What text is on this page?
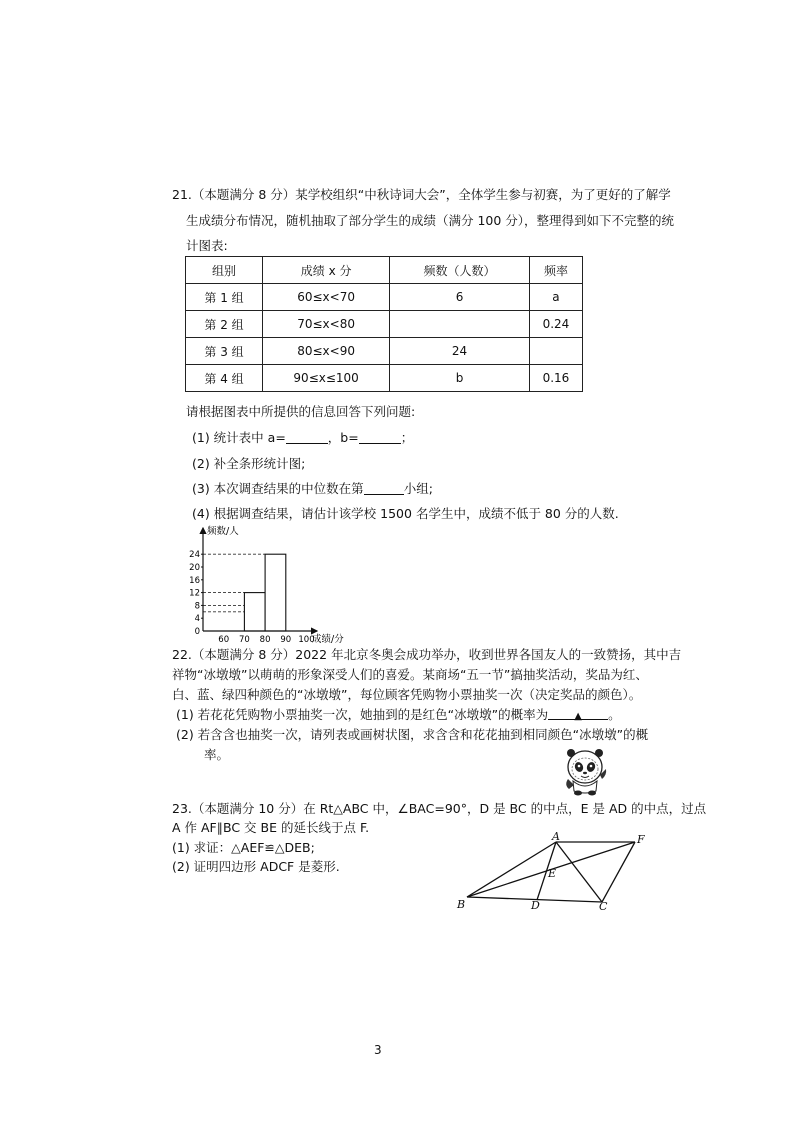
21.（本题满分 8 分）某学校组织“中秋诗词大会”，全体学生参与初赛，为了更好的了解学
生成绩分布情况，随机抽取了部分学生的成绩（满分 100 分），整理得到如下不完整的统
计图表:
组别	成绩 x 分	频数（人数）	频率
第 1 组	60≤x<70	6	a
第 2 组	70≤x<80		0.24
第 3 组	80≤x<90	24	
第 4 组	90≤x≤100	b	0.16
请根据图表中所提供的信息回答下列问题:
(1) 统计表中 a=	，b=	；
(2) 补全条形统计图;
(3) 本次调查结果的中位数在第	小组;
(4) 根据调查结果，请估计该学校 1500 名学生中，成绩不低于 80 分的人数.
频数/人
成绩/分
0
4
8
12
16
20
24
60 70 80 90 100
22.（本题满分 8 分）2022 年北京冬奥会成功举办，收到世界各国友人的一致赞扬，其中吉
祥物“冰墩墩”以萌萌的形象深受人们的喜爱。某商场“五一节”搞抽奖活动，奖品为红、
白、蓝、绿四种颜色的“冰墩墩”，每位顾客凭购物小票抽奖一次（决定奖品的颜色）。
(1) 若花花凭购物小票抽奖一次，她抽到的是红色“冰墩墩”的概率为	▲ 。
(2) 若含含也抽奖一次，请列表或画树状图，求含含和花花抽到相同颜色“冰墩墩”的概
率。
23.（本题满分 10 分）在 Rt△ABC 中，∠BAC=90°，D 是 BC 的中点，E 是 AD 的中点，过点
A 作 AF∥BC 交 BE 的延长线于点 F.
(1) 求证：△AEF≌△DEB;
(2) 证明四边形 ADCF 是菱形.
A	F
E
B	D	C
3
